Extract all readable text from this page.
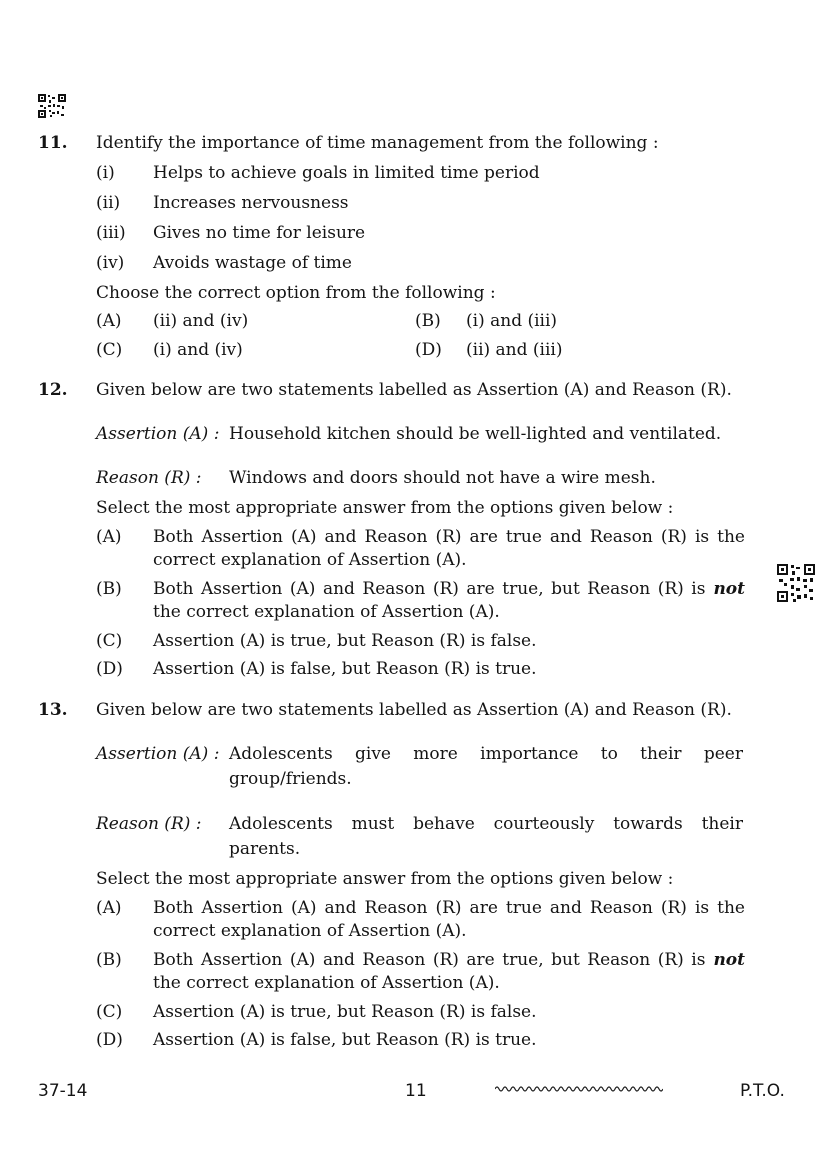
11. Identify the importance of time management from the following :
(i) Helps to achieve goals in limited time period
(ii) Increases nervousness
(iii) Gives no time for leisure
(iv) Avoids wastage of time
Choose the correct option from the following :
(A) (ii) and (iv)	(B) (i) and (iii)
(C) (i) and (iv)	(D) (ii) and (iii)
12. Given below are two statements labelled as Assertion (A) and Reason (R).
Assertion (A) : Household kitchen should be well-lighted and ventilated.
Reason (R) : Windows and doors should not have a wire mesh.
Select the most appropriate answer from the options given below :
(A) Both Assertion (A) and Reason (R) are true and Reason (R) is the
correct explanation of Assertion (A).
(B) Both Assertion (A) and Reason (R) are true, but Reason (R) is not
the correct explanation of Assertion (A).
(C) Assertion (A) is true, but Reason (R) is false.
(D) Assertion (A) is false, but Reason (R) is true.
13. Given below are two statements labelled as Assertion (A) and Reason (R).
Assertion (A) : Adolescents give more importance to their peer
group/friends.
Reason (R) : Adolescents must behave courteously towards their
parents.
Select the most appropriate answer from the options given below :
(A) Both Assertion (A) and Reason (R) are true and Reason (R) is the
correct explanation of Assertion (A).
(B) Both Assertion (A) and Reason (R) are true, but Reason (R) is not
the correct explanation of Assertion (A).
(C) Assertion (A) is true, but Reason (R) is false.
(D) Assertion (A) is false, but Reason (R) is true.
37-14	11	P.T.O.
